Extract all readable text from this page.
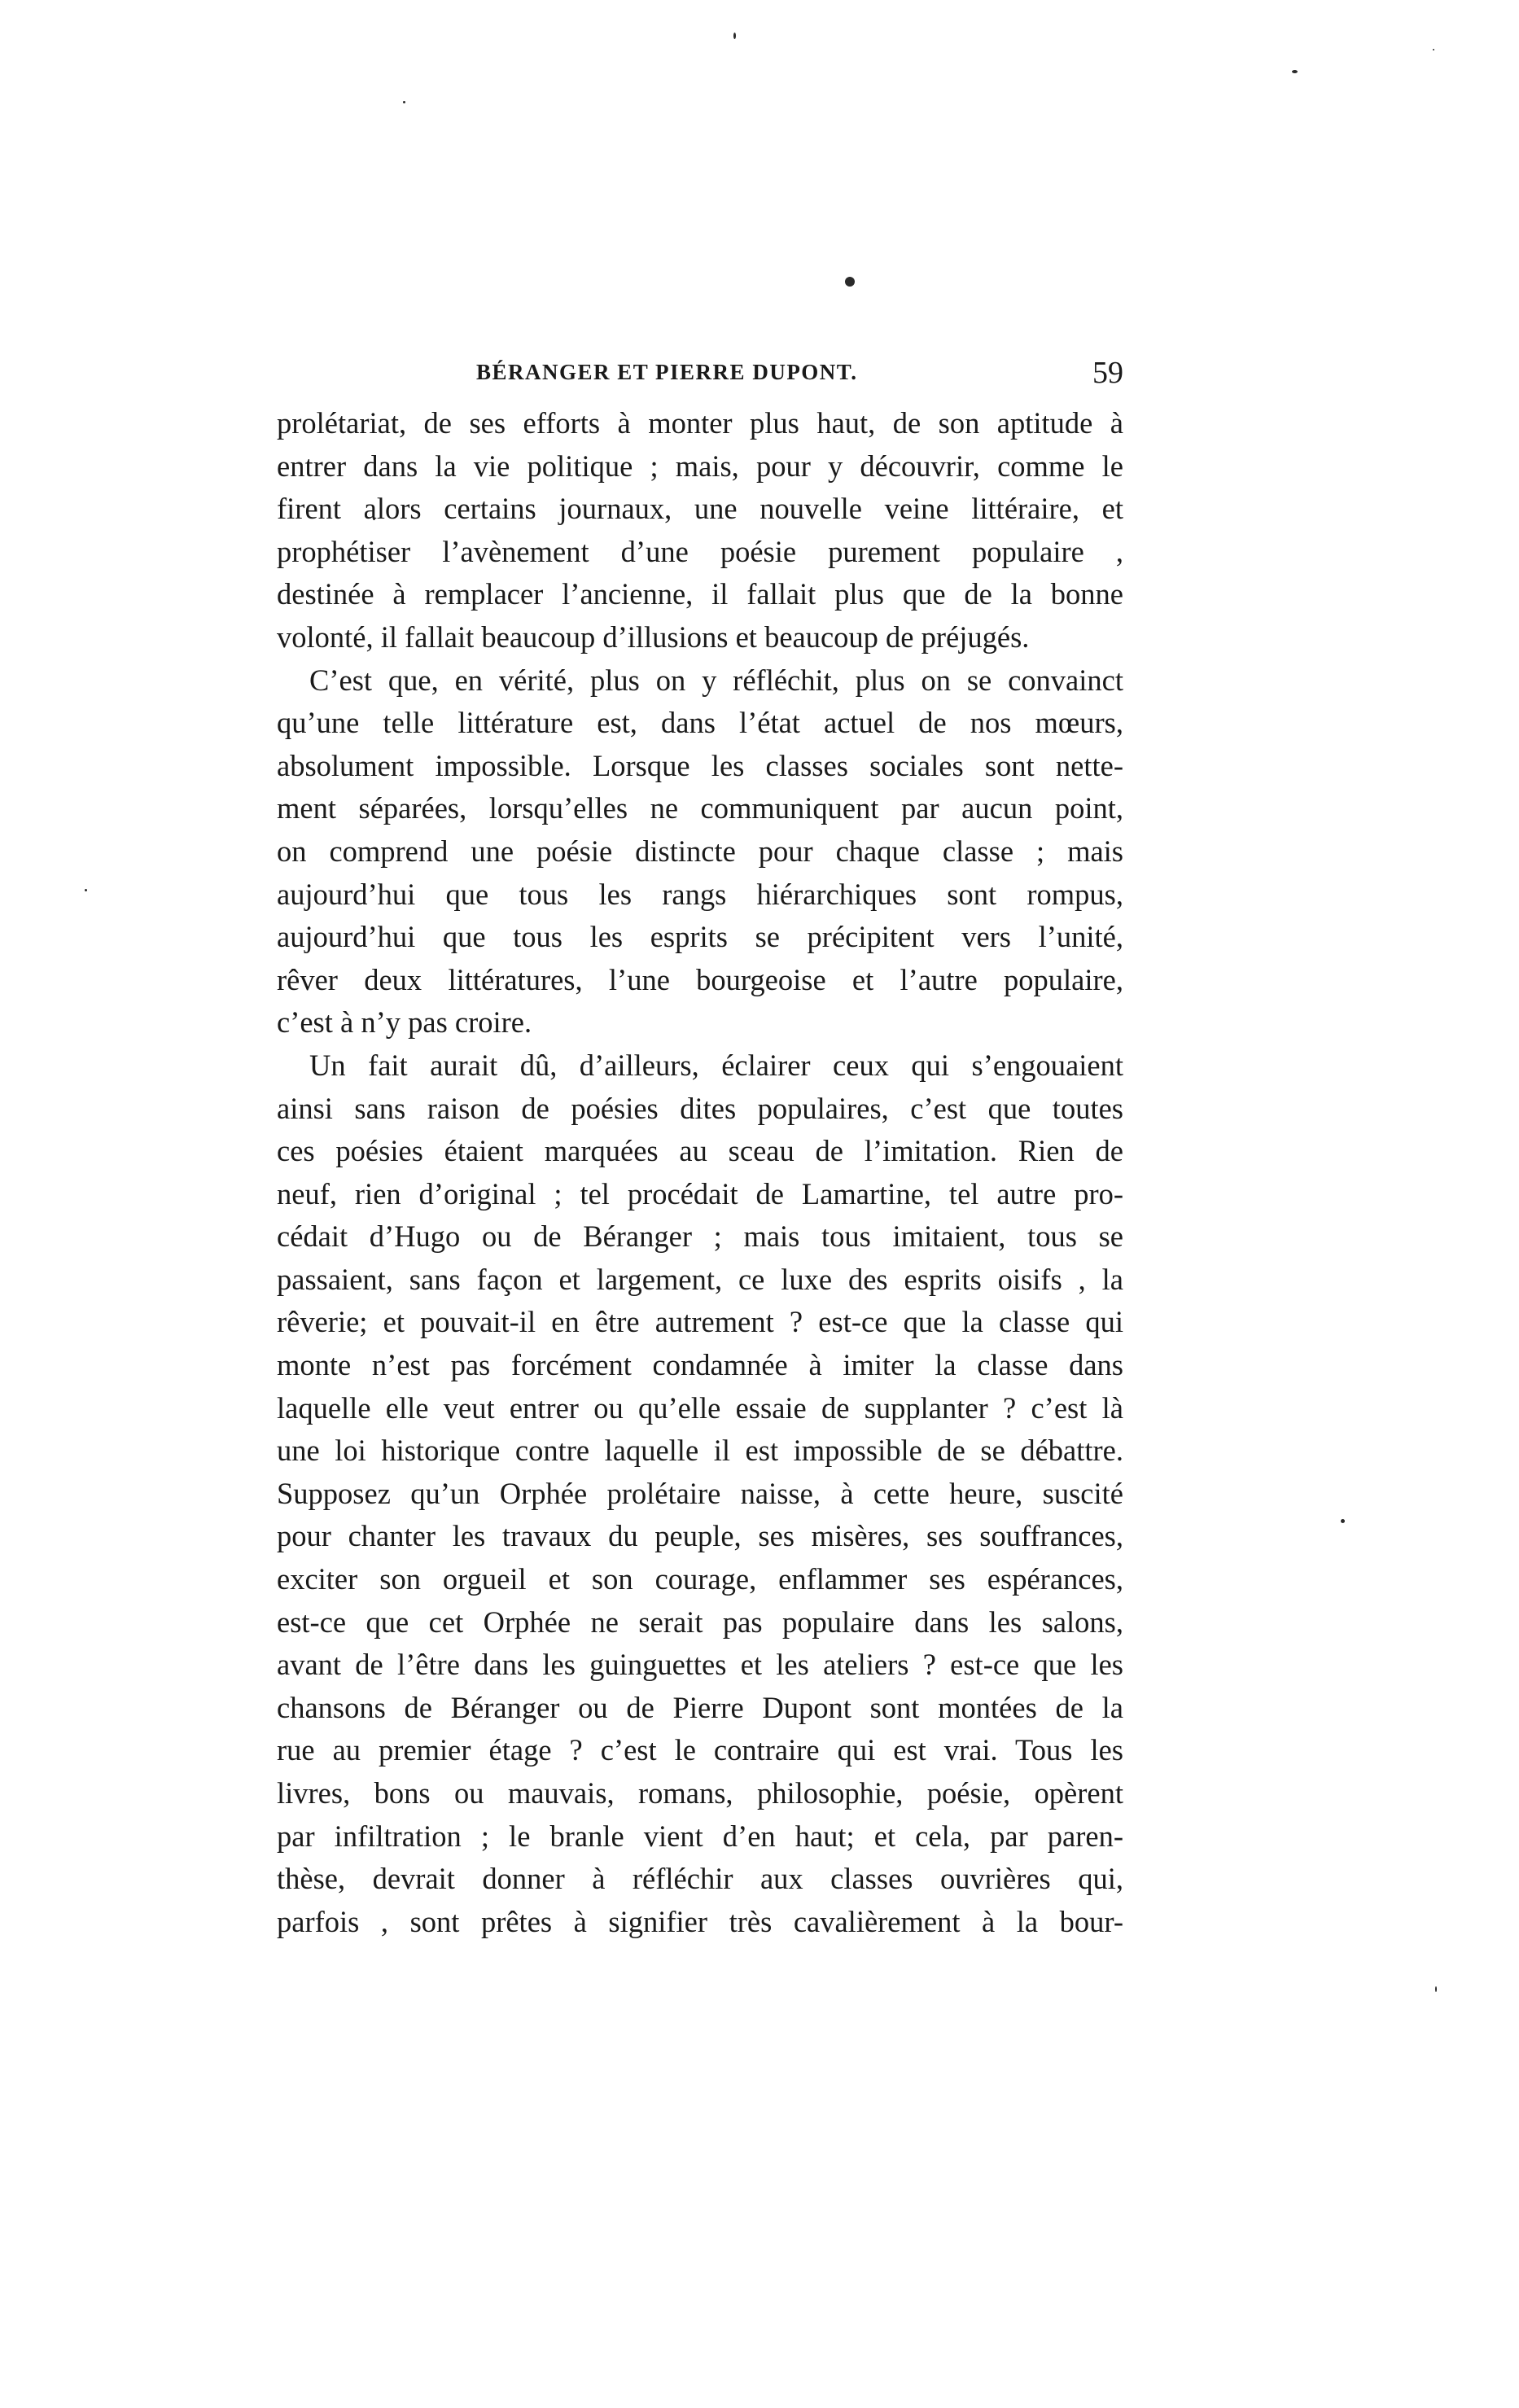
BÉRANGER ET PIERRE DUPONT.	59
prolétariat, de ses efforts à monter plus haut, de son aptitude à
entrer dans la vie politique ; mais, pour y découvrir, comme le
firent alors certains journaux, une nouvelle veine littéraire, et
prophétiser l’avènement d’une poésie purement populaire ,
destinée à remplacer l’ancienne, il fallait plus que de la bonne
volonté, il fallait beaucoup d’illusions et beaucoup de préjugés.
C’est que, en vérité, plus on y réfléchit, plus on se convainct
qu’une telle littérature est, dans l’état actuel de nos mœurs,
absolument impossible. Lorsque les classes sociales sont nette-
ment séparées, lorsqu’elles ne communiquent par aucun point,
on comprend une poésie distincte pour chaque classe ; mais
aujourd’hui que tous les rangs hiérarchiques sont rompus,
aujourd’hui que tous les esprits se précipitent vers l’unité,
rêver deux littératures, l’une bourgeoise et l’autre populaire,
c’est à n’y pas croire.
Un fait aurait dû, d’ailleurs, éclairer ceux qui s’engouaient
ainsi sans raison de poésies dites populaires, c’est que toutes
ces poésies étaient marquées au sceau de l’imitation. Rien de
neuf, rien d’original ; tel procédait de Lamartine, tel autre pro-
cédait d’Hugo ou de Béranger ; mais tous imitaient, tous se
passaient, sans façon et largement, ce luxe des esprits oisifs , la
rêverie; et pouvait-il en être autrement ? est-ce que la classe qui
monte n’est pas forcément condamnée à imiter la classe dans
laquelle elle veut entrer ou qu’elle essaie de supplanter ? c’est là
une loi historique contre laquelle il est impossible de se débattre.
Supposez qu’un Orphée prolétaire naisse, à cette heure, suscité
pour chanter les travaux du peuple, ses misères, ses souffrances,
exciter son orgueil et son courage, enflammer ses espérances,
est-ce que cet Orphée ne serait pas populaire dans les salons,
avant de l’être dans les guinguettes et les ateliers ? est-ce que les
chansons de Béranger ou de Pierre Dupont sont montées de la
rue au premier étage ? c’est le contraire qui est vrai. Tous les
livres, bons ou mauvais, romans, philosophie, poésie, opèrent
par infiltration ; le branle vient d’en haut; et cela, par paren-
thèse, devrait donner à réfléchir aux classes ouvrières qui,
parfois , sont prêtes à signifier très cavalièrement à la bour-
